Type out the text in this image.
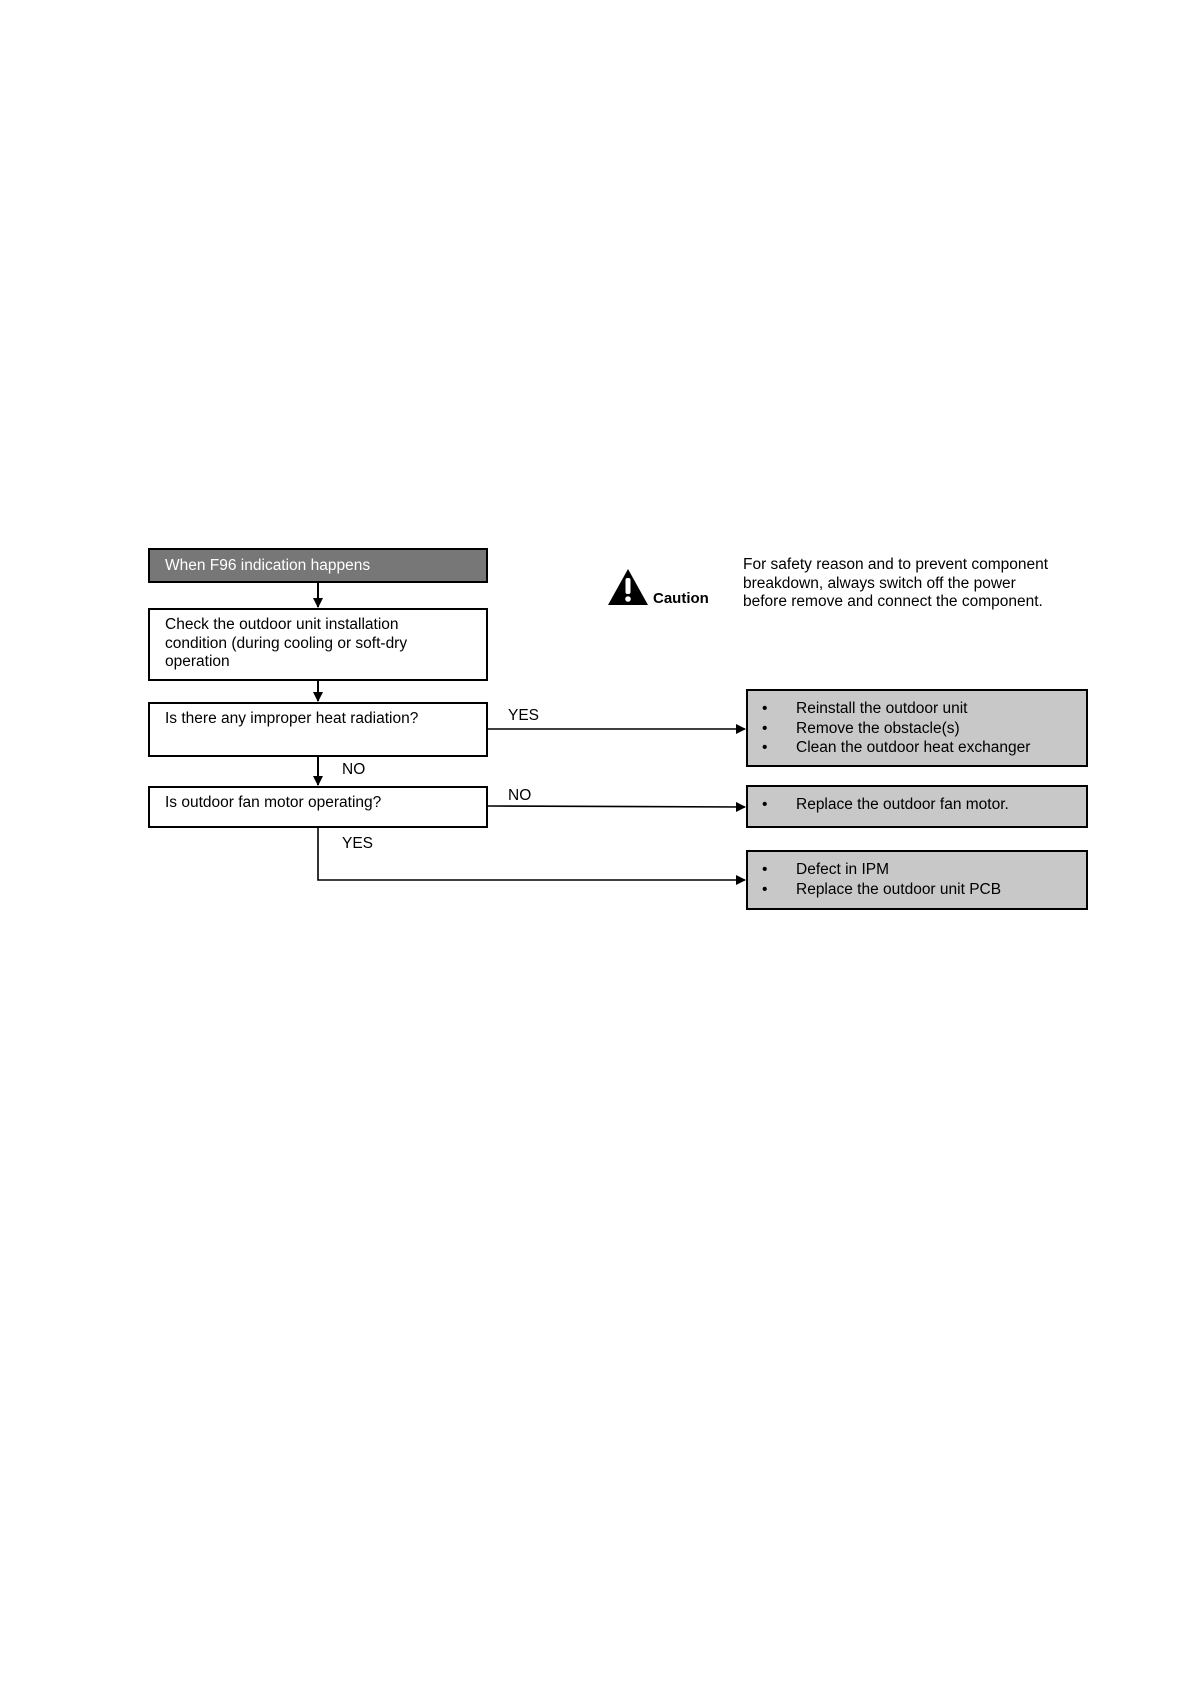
Caution
For safety reason and to prevent component
breakdown, always switch off the power
before remove and connect the component.
When F96 indication happens
Check the outdoor unit installation
condition (during cooling or soft-dry
operation
Is there any improper heat radiation?
Is outdoor fan motor operating?
YES
NO
NO
YES
• Reinstall the outdoor unit
• Remove the obstacle(s)
• Clean the outdoor heat exchanger
• Replace the outdoor fan motor.
• Defect in IPM
• Replace the outdoor unit PCB
